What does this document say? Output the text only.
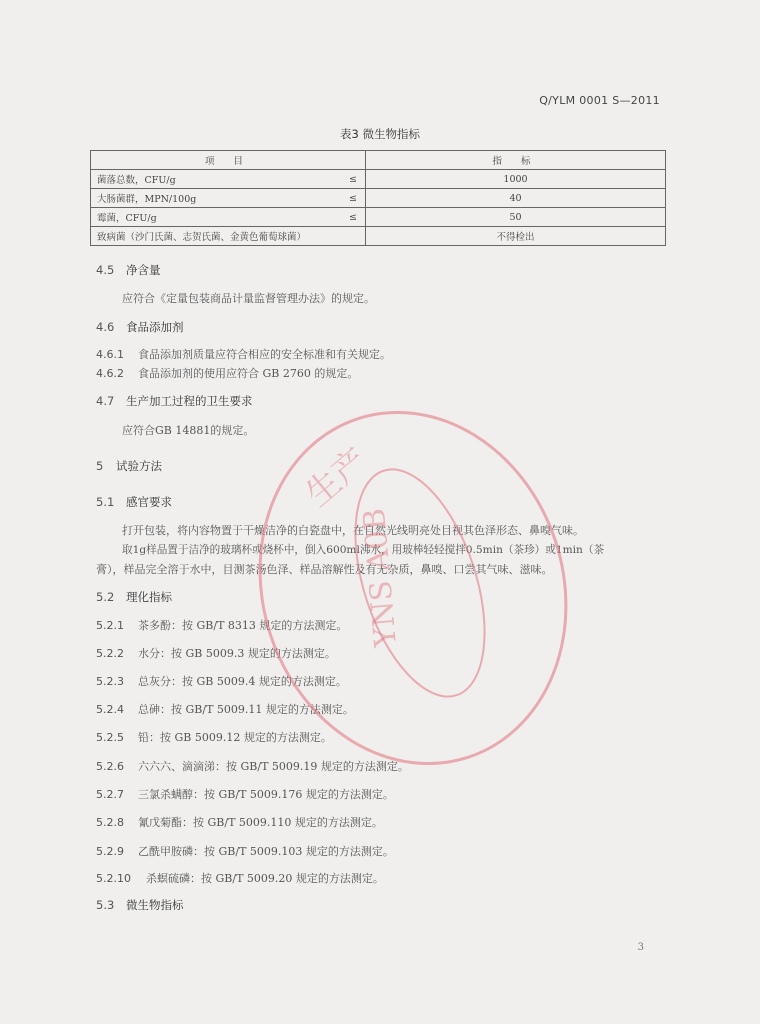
Q/YLM 0001 S—2011
表3 微生物指标
项 目		指 标
菌落总数，CFU/g	≤	1000
大肠菌群，MPN/100g	≤	40
霉菌，CFU/g	≤	50
致病菌（沙门氏菌、志贺氏菌、金黄色葡萄球菌）		不得检出
4.5 净含量
应符合《定量包装商品计量监督管理办法》的规定。
4.6 食品添加剂
4.6.1 食品添加剂质量应符合相应的安全标准和有关规定。
4.6.2 食品添加剂的使用应符合 GB 2760 的规定。
4.7 生产加工过程的卫生要求
应符合GB 14881的规定。
5 试验方法
5.1 感官要求
打开包装，将内容物置于干燥洁净的白瓷盘中，在自然光线明亮处目视其色泽形态、鼻嗅气味。
取1g样品置于洁净的玻璃杯或烧杯中，倒入600ml沸水，用玻棒轻轻搅拌0.5min（茶珍）或1min（茶
膏），样品完全溶于水中，目测茶汤色泽、样品溶解性及有无杂质，鼻嗅、口尝其气味、滋味。
5.2 理化指标
5.2.1 茶多酚：按 GB/T 8313 规定的方法测定。
5.2.2 水分：按 GB 5009.3 规定的方法测定。
5.2.3 总灰分：按 GB 5009.4 规定的方法测定。
5.2.4 总砷：按 GB/T 5009.11 规定的方法测定。
5.2.5 铅：按 GB 5009.12 规定的方法测定。
5.2.6 六六六、滴滴涕：按 GB/T 5009.19 规定的方法测定。
5.2.7 三氯杀螨醇：按 GB/T 5009.176 规定的方法测定。
5.2.8 氰戊菊酯：按 GB/T 5009.110 规定的方法测定。
5.2.9 乙酰甲胺磷：按 GB/T 5009.103 规定的方法测定。
5.2.10 杀螟硫磷：按 GB/T 5009.20 规定的方法测定。
5.3 微生物指标
3
生产
YNS A0B
